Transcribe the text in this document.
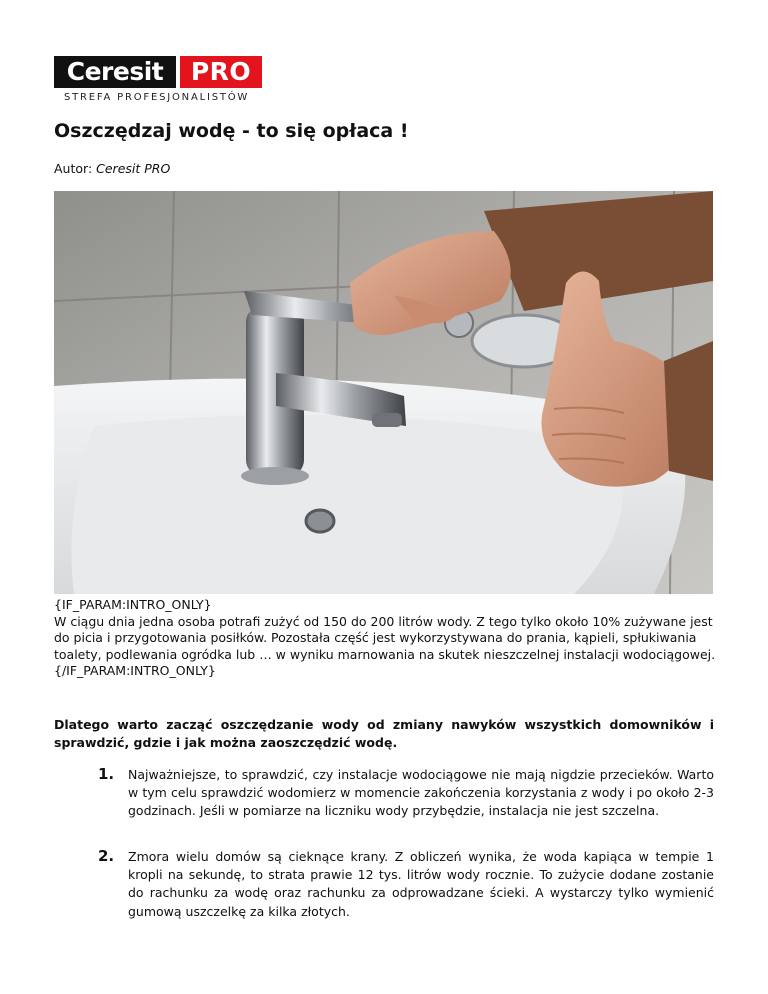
Ceresit	PRO
STREFA PROFESJONALISTÓW
Oszczędzaj wodę - to się opłaca !
Autor: Ceresit PRO

{IF_PARAM:INTRO_ONLY}

W ciągu dnia jedna osoba potrafi zużyć od 150 do 200 litrów wody. Z tego tylko około 10% zużywane jest do picia i przygotowania posiłków. Pozostała część jest wykorzystywana do prania, kąpieli, spłukiwania toalety, podlewania ogródka lub … w wyniku marnowania na skutek nieszczelnej instalacji wodociągowej.

{/IF_PARAM:INTRO_ONLY}

Dlatego warto zacząć oszczędzanie wody od zmiany nawyków wszystkich domowników i sprawdzić, gdzie i jak można zaoszczędzić wodę.

1.	Najważniejsze, to sprawdzić, czy instalacje wodociągowe nie mają nigdzie przecieków. Warto w tym celu sprawdzić wodomierz w momencie zakończenia korzystania z wody i po około 2-3 godzinach. Jeśli w pomiarze na liczniku wody przybędzie, instalacja nie jest szczelna.
2.	Zmora wielu domów są cieknące krany. Z obliczeń wynika, że woda kapiąca w tempie 1 kropli na sekundę, to strata prawie 12 tys. litrów wody rocznie. To zużycie dodane zostanie do rachunku za wodę oraz rachunku za odprowadzane ścieki. A wystarczy tylko wymienić gumową uszczelkę za kilka złotych.
